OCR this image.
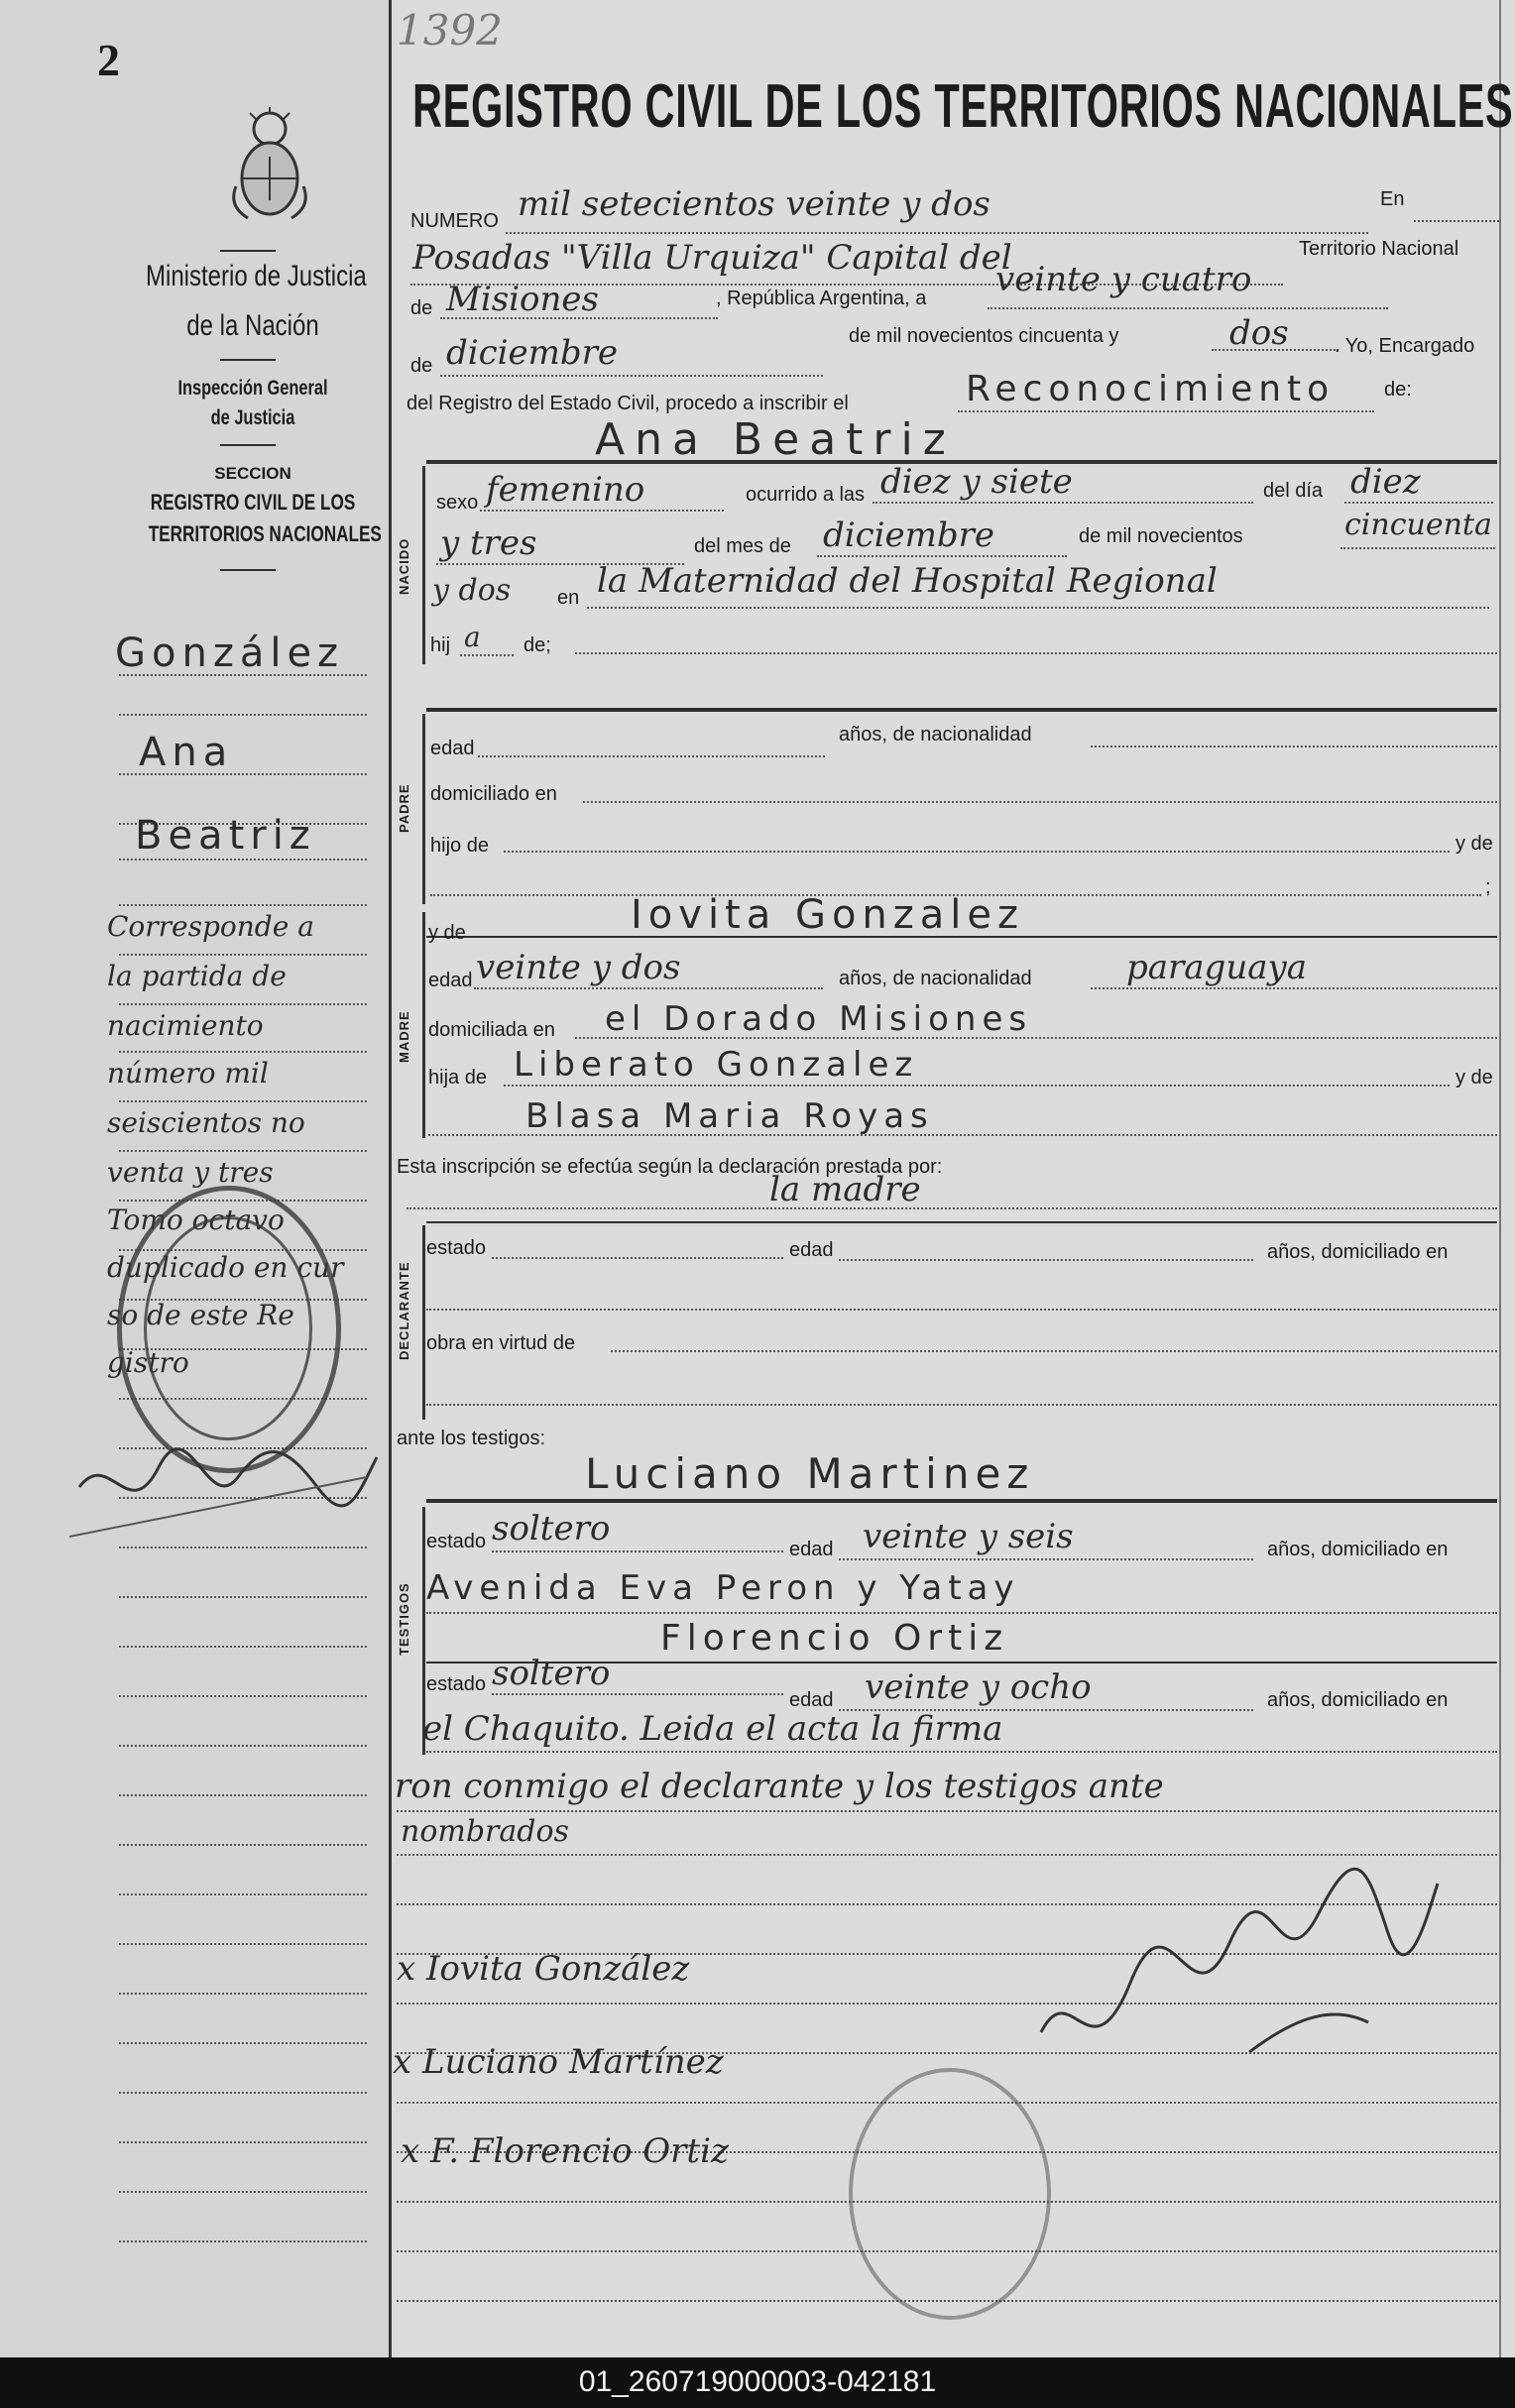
2
1392
Ministerio de Justicia
de la Nación
Inspección General
de Justicia
SECCION
REGISTRO CIVIL DE LOS
TERRITORIOS NACIONALES
González
Ana
Beatriz
Corresponde a
la partida de
nacimiento
número mil
seiscientos no
venta y tres
Tomo octavo
duplicado en cur
so de este Re
gistro
REGISTRO CIVIL DE LOS TERRITORIOS NACIONALES
NUMERO mil setecientos veinte y dos	En
Posadas "Villa Urquiza" Capital del	Territorio Nacional
de Misiones	, República Argentina, a veinte y cuatro
de diciembre	de mil novecientos cincuenta y	dos . Yo, Encargado
del Registro del Estado Civil, procedo a inscribir el	Reconocimiento de:
Ana Beatriz
NACIDO
sexo femenino	ocurrido a las diez y siete	del día diez
y tres	del mes de diciembre	de mil novecientos	cincuenta
y dos en la Maternidad del Hospital Regional
hij a de;
PADRE
edad
años, de nacionalidad
domiciliado en
hijo de	y de
;
MADRE
y de	Iovita Gonzalez
edad veinte y dos	años, de nacionalidad	paraguaya
domiciliada en el Dorado Misiones
hija de Liberato Gonzalez	y de
Blasa Maria Royas
Esta inscripción se efectúa según la declaración prestada por:
la madre
DECLARANTE
estado	edad	años, domiciliado en
obra en virtud de
ante los testigos:
Luciano Martinez
TESTIGOS
estado soltero
edad veinte y seis	años, domiciliado en
Avenida Eva Peron y Yatay
Florencio Ortiz
estado soltero
edad veinte y ocho	años, domiciliado en
el Chaquito. Leida el acta la firma
ron conmigo el declarante y los testigos ante
nombrados
x Iovita González
x Luciano Martínez
x F. Florencio Ortiz
01_260719000003-042181
